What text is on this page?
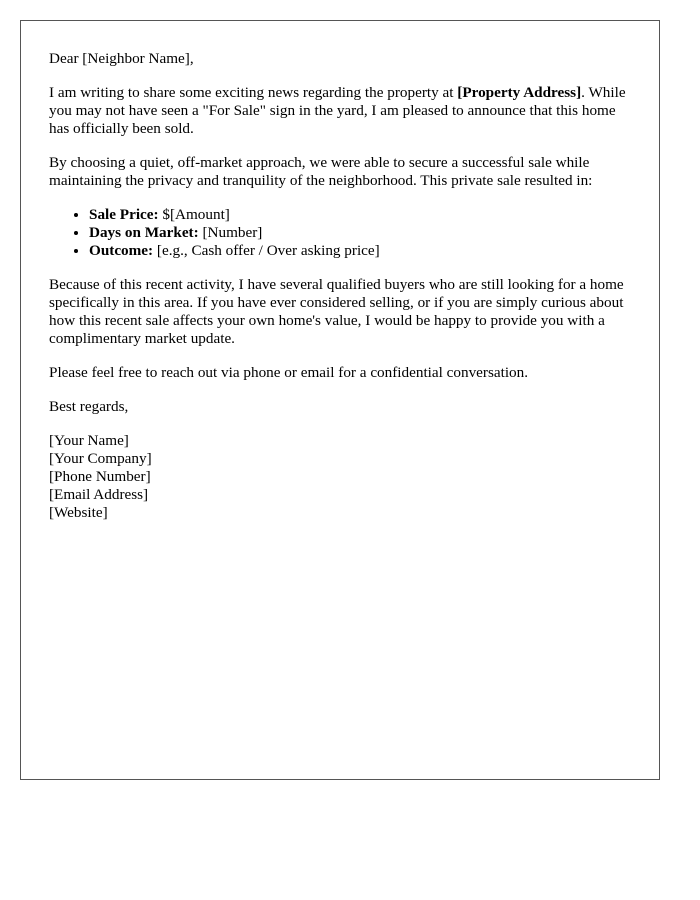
Dear [Neighbor Name],

I am writing to share some exciting news regarding the property at [Property Address]. While you may not have seen a "For Sale" sign in the yard, I am pleased to announce that this home has officially been sold.

By choosing a quiet, off-market approach, we were able to secure a successful sale while maintaining the privacy and tranquility of the neighborhood. This private sale resulted in:

• Sale Price: $[Amount]
• Days on Market: [Number]
• Outcome: [e.g., Cash offer / Over asking price]

Because of this recent activity, I have several qualified buyers who are still looking for a home specifically in this area. If you have ever considered selling, or if you are simply curious about how this recent sale affects your own home's value, I would be happy to provide you with a complimentary market update.

Please feel free to reach out via phone or email for a confidential conversation.

Best regards,

[Your Name]
[Your Company]
[Phone Number]
[Email Address]
[Website]
